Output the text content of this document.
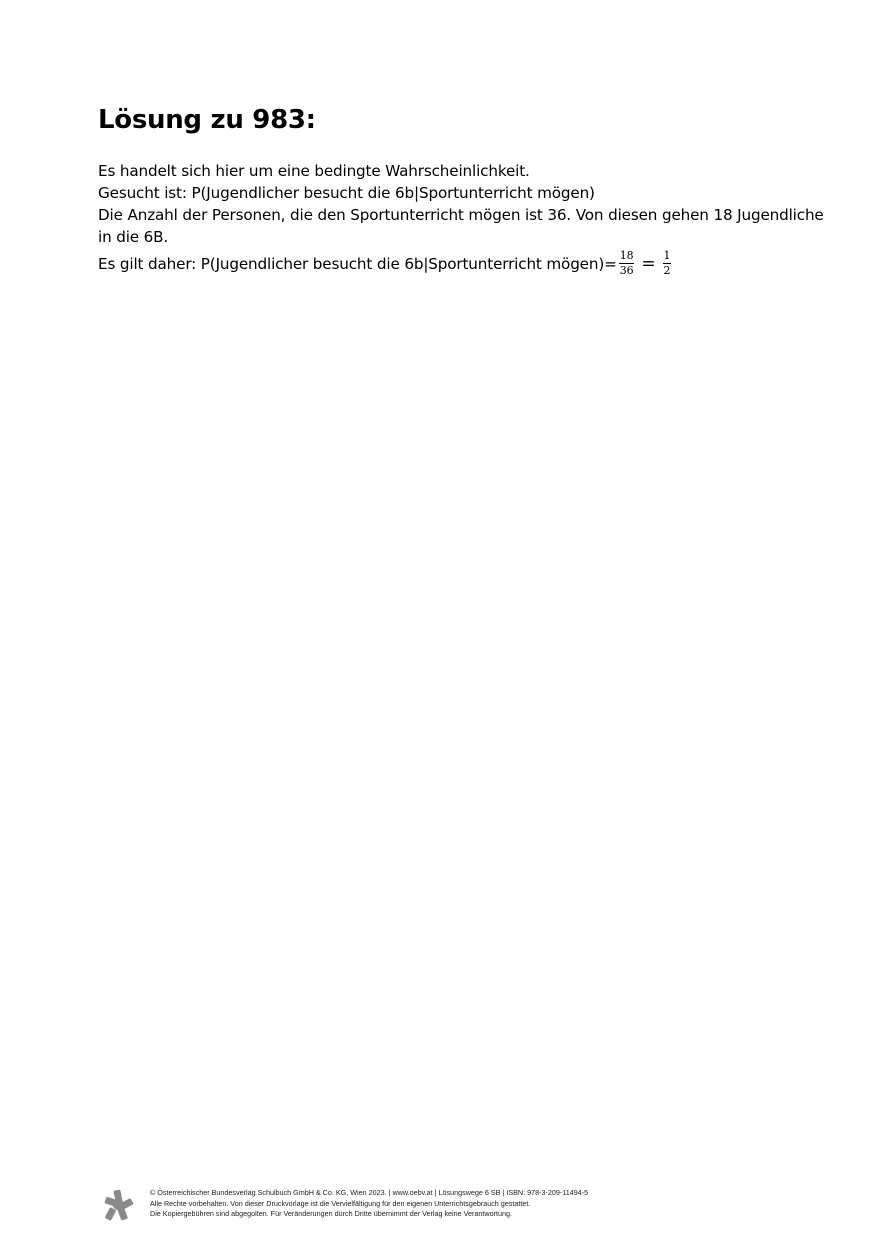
Lösung zu 983:

Es handelt sich hier um eine bedingte Wahrscheinlichkeit.

Gesucht ist: P(Jugendlicher besucht die 6b|Sportunterricht mögen)

Die Anzahl der Personen, die den Sportunterricht mögen ist 36. Von diesen gehen 18 Jugendliche in die 6B.

Es gilt daher: P(Jugendlicher besucht die 6b|Sportunterricht mögen)= $\frac{18}{36} = \frac{1}{2}$
© Österreichischer Bundesverlag Schulbuch GmbH & Co. KG, Wien 2023. | www.oebv.at | Lösungswege 6 SB | ISBN: 978-3-209-11494-5
Alle Rechte vorbehalten. Von dieser Druckvorlage ist die Vervielfältigung für den eigenen Unterrichtsgebrauch gestattet.
Die Kopiergebühren sind abgegolten. Für Veränderungen durch Dritte übernimmt der Verlag keine Verantwortung.
